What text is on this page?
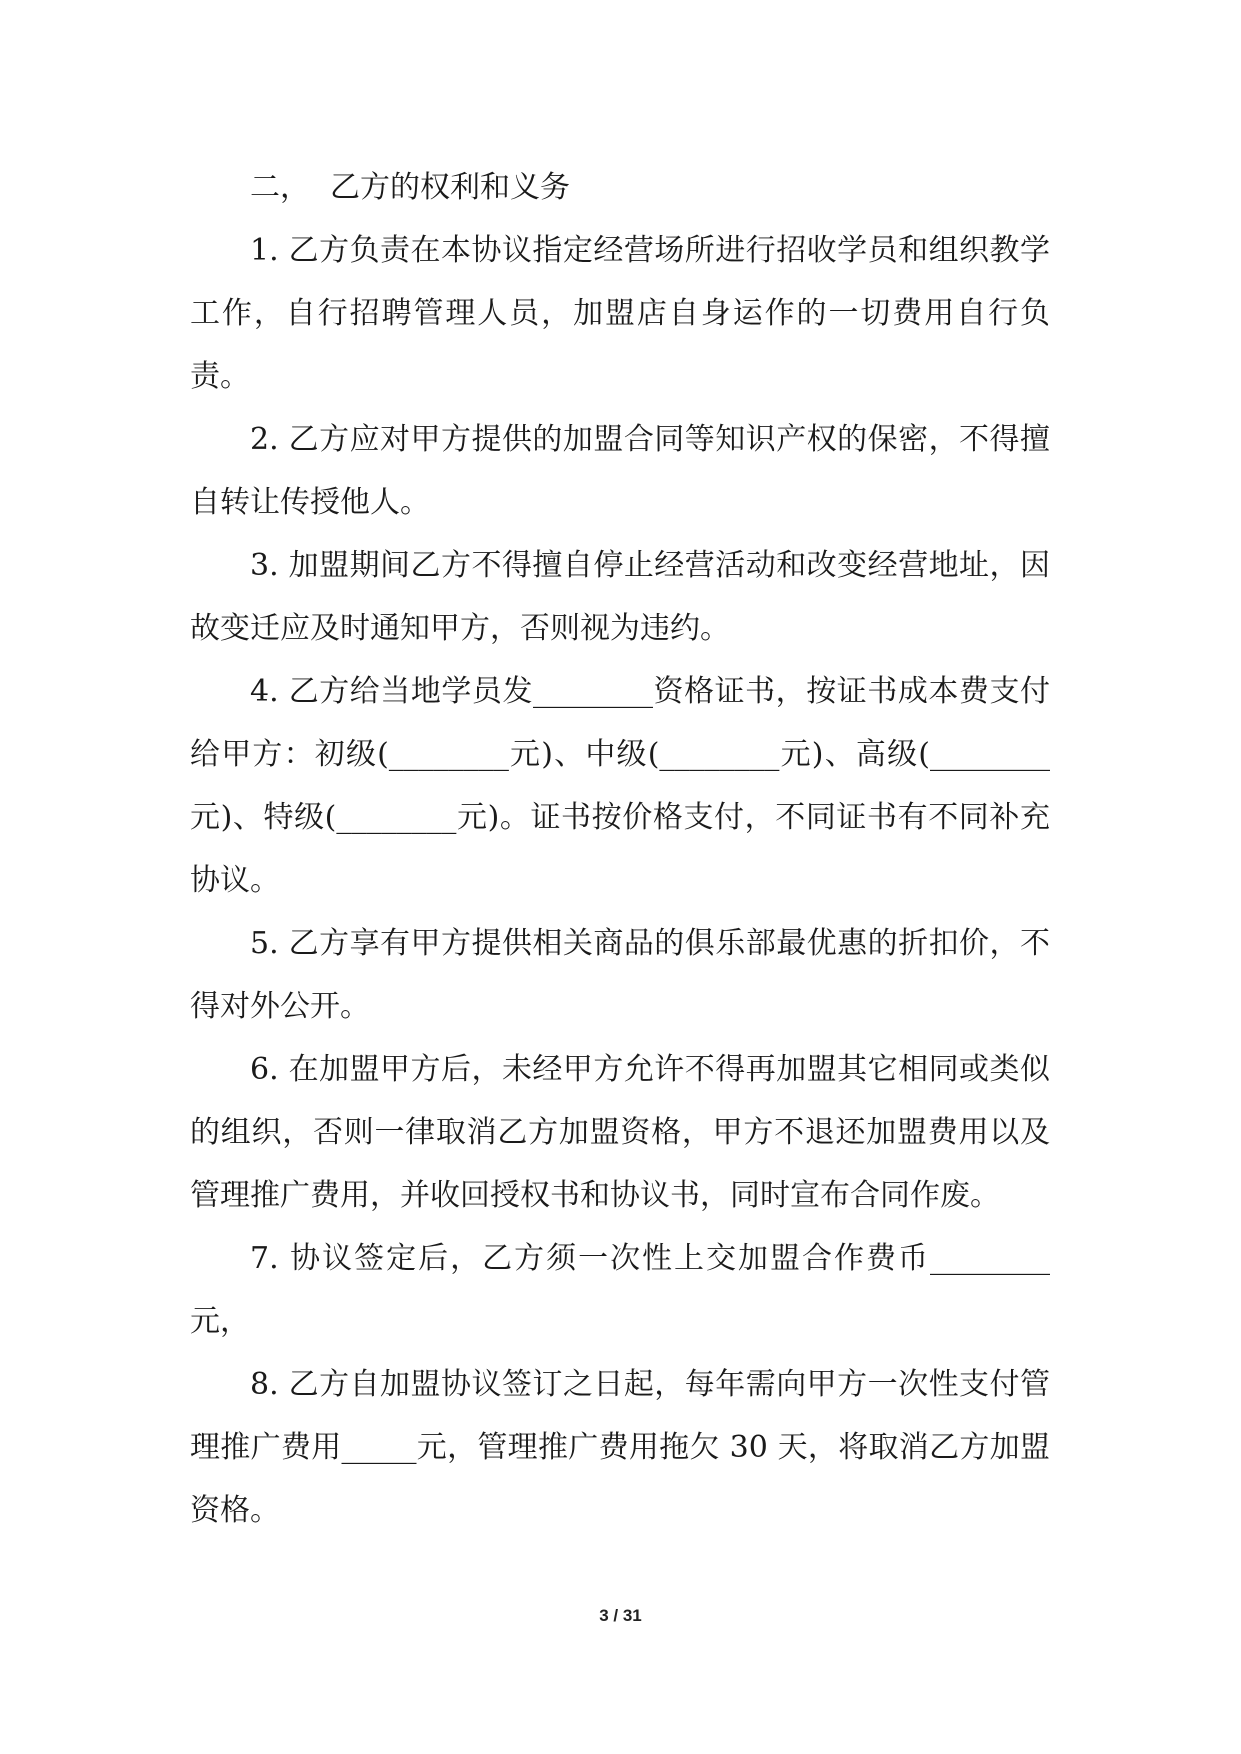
二， 乙方的权利和义务

1. 乙方负责在本协议指定经营场所进行招收学员和组织教学工作，自行招聘管理人员，加盟店自身运作的一切费用自行负责。

2. 乙方应对甲方提供的加盟合同等知识产权的保密，不得擅自转让传授他人。

3. 加盟期间乙方不得擅自停止经营活动和改变经营地址，因故变迁应及时通知甲方，否则视为违约。

4. 乙方给当地学员发________资格证书，按证书成本费支付给甲方：初级(________元)、中级(________元)、高级(________元)、特级(________元)。证书按价格支付，不同证书有不同补充协议。

5. 乙方享有甲方提供相关商品的俱乐部最优惠的折扣价，不得对外公开。

6. 在加盟甲方后，未经甲方允许不得再加盟其它相同或类似的组织，否则一律取消乙方加盟资格，甲方不退还加盟费用以及管理推广费用，并收回授权书和协议书，同时宣布合同作废。

7. 协议签定后，乙方须一次性上交加盟合作费币________元，

8. 乙方自加盟协议签订之日起，每年需向甲方一次性支付管理推广费用_____元，管理推广费用拖欠 30 天，将取消乙方加盟资格。

3 / 31
